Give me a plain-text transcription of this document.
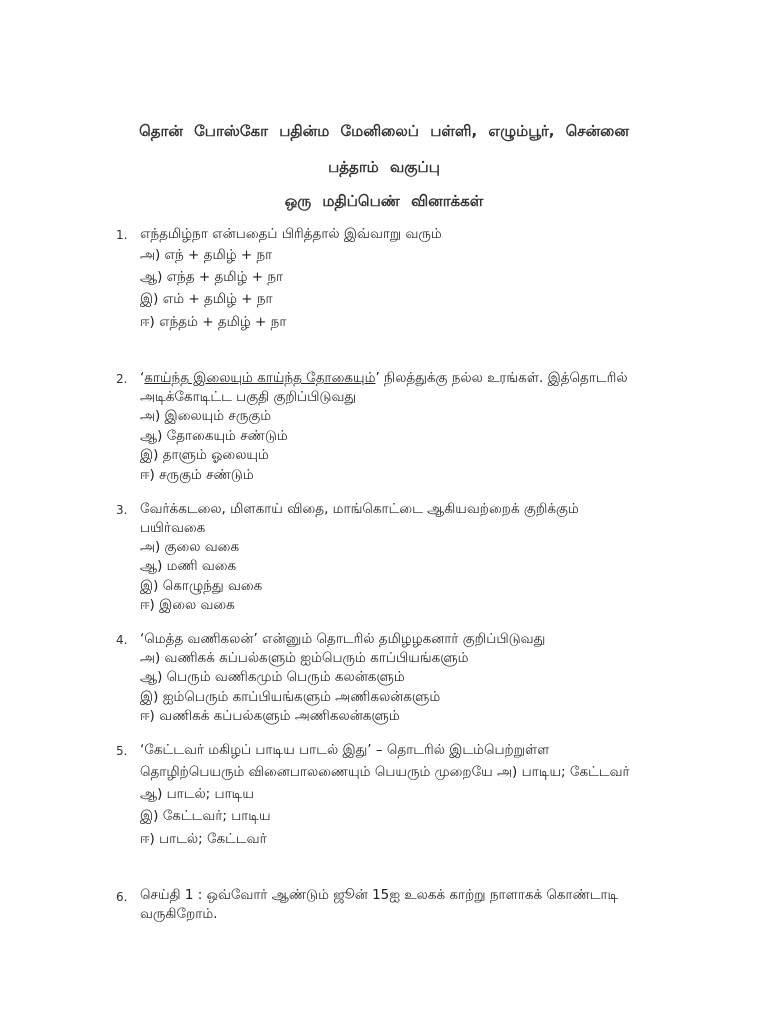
தொன் போஸ்கோ பதின்ம மேனிலைப் பள்ளி, எழும்பூர், சென்னை
பத்தாம் வகுப்பு
ஒரு மதிப்பெண் வினாக்கள்
1. எந்தமிழ்நா என்பதைப் பிரித்தால் இவ்வாறு வரும்
அ) எந் + தமிழ் + நா
ஆ) எந்த + தமிழ் + நா
இ) எம் + தமிழ் + நா
ஈ) எந்தம் + தமிழ் + நா
2. ‘காய்ந்த இலையும் காய்ந்த தோகையும்’ நிலத்துக்கு நல்ல உரங்கள். இத்தொடரில்
அடிக்கோடிட்ட பகுதி குறிப்பிடுவது
அ) இலையும் சருகும்
ஆ) தோகையும் சண்டும்
இ) தாளும் ஓலையும்
ஈ) சருகும் சண்டும்
3. வேர்க்கடலை, மிளகாய் விதை, மாங்கொட்டை ஆகியவற்றைக் குறிக்கும்
பயிர்வகை
அ) குலை வகை
ஆ) மணி வகை
இ) கொழுந்து வகை
ஈ) இலை வகை
4. ‘மெத்த வணிகலன்’ என்னும் தொடரில் தமிழழகனார் குறிப்பிடுவது
அ) வணிகக் கப்பல்களும் ஐம்பெரும் காப்பியங்களும்
ஆ) பெரும் வணிகமும் பெரும் கலன்களும்
இ) ஐம்பெரும் காப்பியங்களும் அணிகலன்களும்
ஈ) வணிகக் கப்பல்களும் அணிகலன்களும்
5. ‘கேட்டவர் மகிழப் பாடிய பாடல் இது’ – தொடரில் இடம்பெற்றுள்ள
தொழிற்பெயரும் வினைபாலணையும் பெயரும் முறையே அ) பாடிய; கேட்டவர்
ஆ) பாடல்; பாடிய
இ) கேட்டவர்; பாடிய
ஈ) பாடல்; கேட்டவர்
6. செய்தி 1 : ஒவ்வோர் ஆண்டும் ஜூன் 15ஐ உலகக் காற்று நாளாகக் கொண்டாடி
வருகிறோம்.
